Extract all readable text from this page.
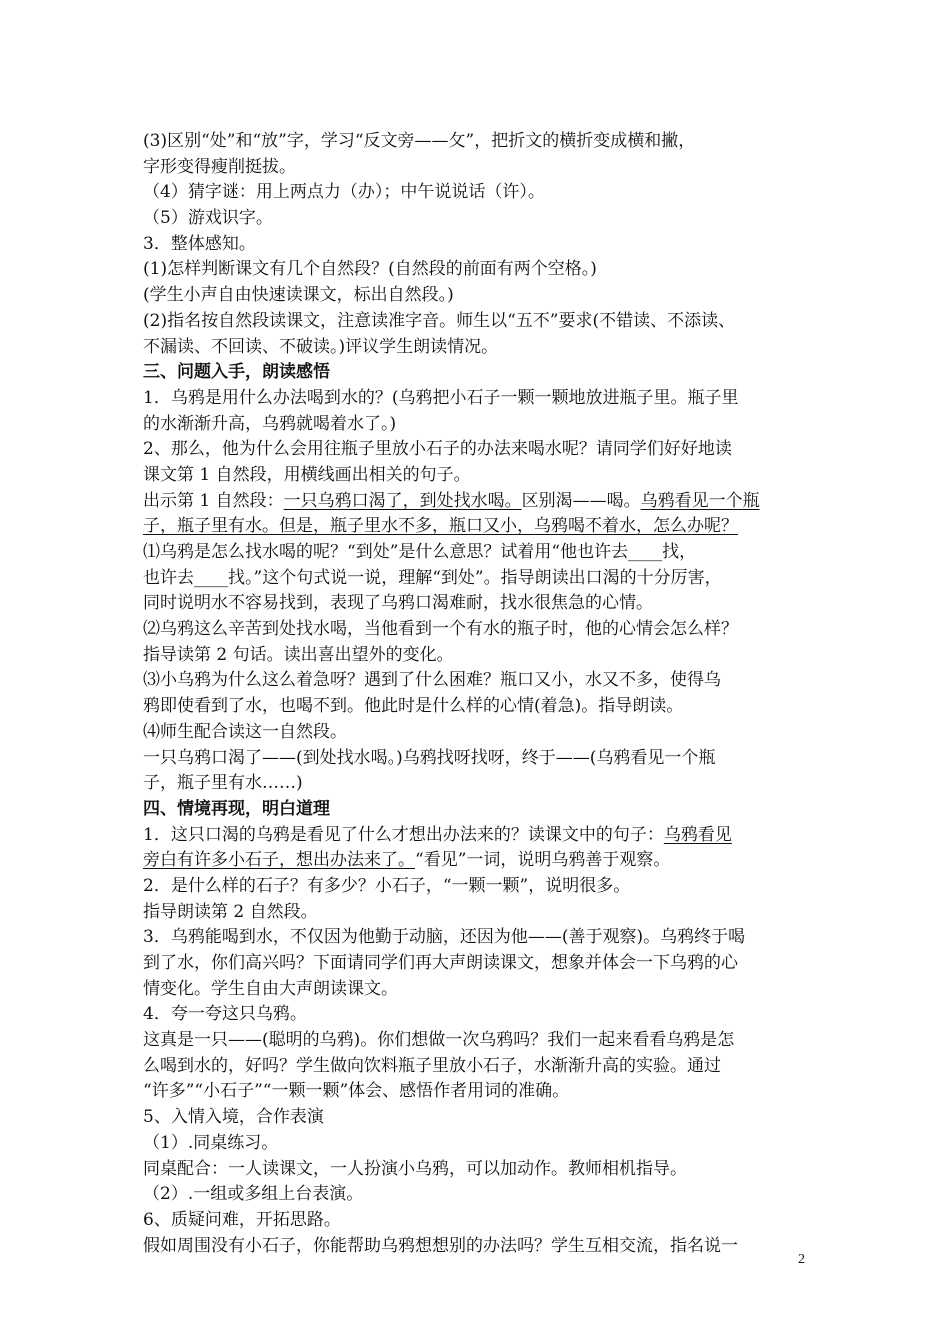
(3)区别“处”和“放”字，学习“反文旁——攵”，把折文的横折变成横和撇，
字形变得瘦削挺拔。
（4）猜字谜：用上两点力（办）；中午说说话（许）。
（5）游戏识字。
3．整体感知。
(1)怎样判断课文有几个自然段？(自然段的前面有两个空格。)
(学生小声自由快速读课文，标出自然段。)
(2)指名按自然段读课文，注意读准字音。师生以“五不”要求(不错读、不添读、
不漏读、不回读、不破读。)评议学生朗读情况。
三、问题入手，朗读感悟
1．乌鸦是用什么办法喝到水的？(乌鸦把小石子一颗一颗地放进瓶子里。瓶子里
的水渐渐升高，乌鸦就喝着水了。)
2、那么，他为什么会用往瓶子里放小石子的办法来喝水呢？请同学们好好地读
课文第 1 自然段，用横线画出相关的句子。
出示第 1 自然段：一只乌鸦口渴了，到处找水喝。区别渴——喝。乌鸦看见一个瓶
子，瓶子里有水。但是，瓶子里水不多，瓶口又小，乌鸦喝不着水，怎么办呢？
⑴乌鸦是怎么找水喝的呢？“到处”是什么意思？试着用“他也许去____找，
也许去____找。”这个句式说一说，理解“到处”。指导朗读出口渴的十分厉害，
同时说明水不容易找到，表现了乌鸦口渴难耐，找水很焦急的心情。
⑵乌鸦这么辛苦到处找水喝，当他看到一个有水的瓶子时，他的心情会怎么样？
指导读第 2 句话。读出喜出望外的变化。
⑶小乌鸦为什么这么着急呀？遇到了什么困难？瓶口又小，水又不多，使得乌
鸦即使看到了水，也喝不到。他此时是什么样的心情(着急)。指导朗读。
⑷师生配合读这一自然段。
一只乌鸦口渴了——(到处找水喝。)乌鸦找呀找呀，终于——(乌鸦看见一个瓶
子，瓶子里有水……)
四、情境再现，明白道理
1．这只口渴的乌鸦是看见了什么才想出办法来的？读课文中的句子：乌鸦看见
旁白有许多小石子，想出办法来了。“看见”一词，说明乌鸦善于观察。
2．是什么样的石子？有多少？小石子，“一颗一颗”，说明很多。
指导朗读第 2 自然段。
3．乌鸦能喝到水，不仅因为他勤于动脑，还因为他——(善于观察)。乌鸦终于喝
到了水，你们高兴吗？下面请同学们再大声朗读课文，想象并体会一下乌鸦的心
情变化。学生自由大声朗读课文。
4．夸一夸这只乌鸦。
这真是一只——(聪明的乌鸦)。你们想做一次乌鸦吗？我们一起来看看乌鸦是怎
么喝到水的，好吗？学生做向饮料瓶子里放小石子，水渐渐升高的实验。通过
“许多”“小石子”“一颗一颗”体会、感悟作者用词的准确。
5、入情入境，合作表演
（1）.同桌练习。
同桌配合：一人读课文，一人扮演小乌鸦，可以加动作。教师相机指导。
（2）.一组或多组上台表演。
6、质疑问难，开拓思路。
假如周围没有小石子，你能帮助乌鸦想想别的办法吗？学生互相交流，指名说一
2
